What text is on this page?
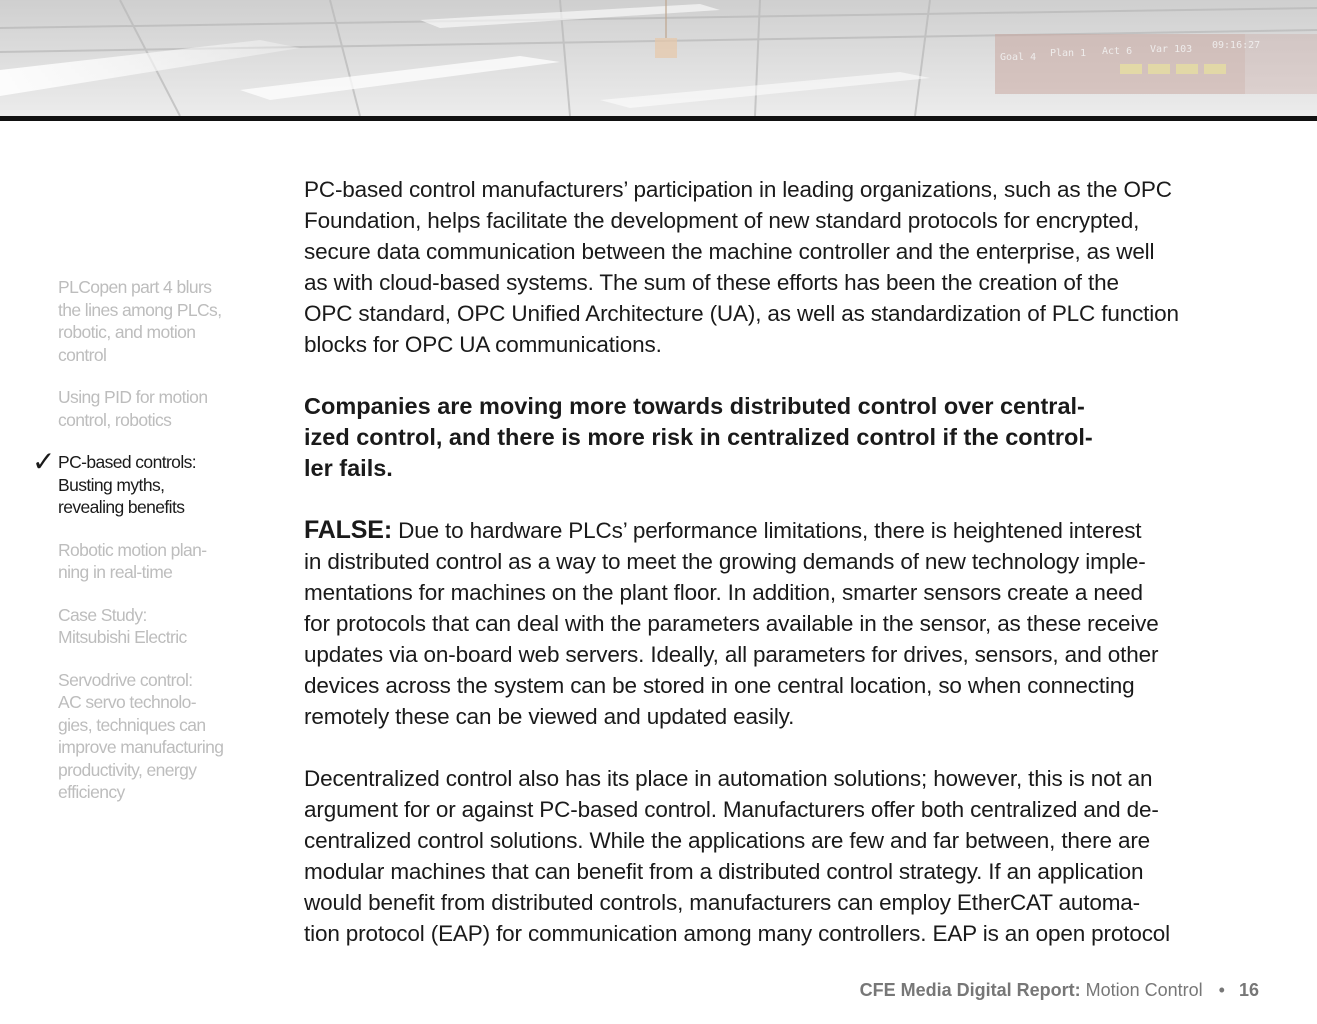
Goal 4 Plan 1 Act 6 Var 103 09:16:27
PLCopen part 4 blurs
the lines among PLCs,
robotic, and motion
control
Using PID for motion
control, robotics
✓ PC-based controls:
Busting myths,
revealing benefits
Robotic motion plan-
ning in real-time
Case Study:
Mitsubishi Electric
Servodrive control:
AC servo technolo-
gies, techniques can
improve manufacturing
productivity, energy
efficiency

PC-based control manufacturers’ participation in leading organizations, such as the OPC
Foundation, helps facilitate the development of new standard protocols for encrypted,
secure data communication between the machine controller and the enterprise, as well
as with cloud-based systems. The sum of these efforts has been the creation of the
OPC standard, OPC Unified Architecture (UA), as well as standardization of PLC function
blocks for OPC UA communications.

Companies are moving more towards distributed control over central-
ized control, and there is more risk in centralized control if the control-
ler fails.

FALSE: Due to hardware PLCs’ performance limitations, there is heightened interest
in distributed control as a way to meet the growing demands of new technology imple-
mentations for machines on the plant floor. In addition, smarter sensors create a need
for protocols that can deal with the parameters available in the sensor, as these receive
updates via on-board web servers. Ideally, all parameters for drives, sensors, and other
devices across the system can be stored in one central location, so when connecting
remotely these can be viewed and updated easily.

Decentralized control also has its place in automation solutions; however, this is not an
argument for or against PC-based control. Manufacturers offer both centralized and de-
centralized control solutions. While the applications are few and far between, there are
modular machines that can benefit from a distributed control strategy. If an application
would benefit from distributed controls, manufacturers can employ EtherCAT automa-
tion protocol (EAP) for communication among many controllers. EAP is an open protocol

CFE Media Digital Report: Motion Control • 16
